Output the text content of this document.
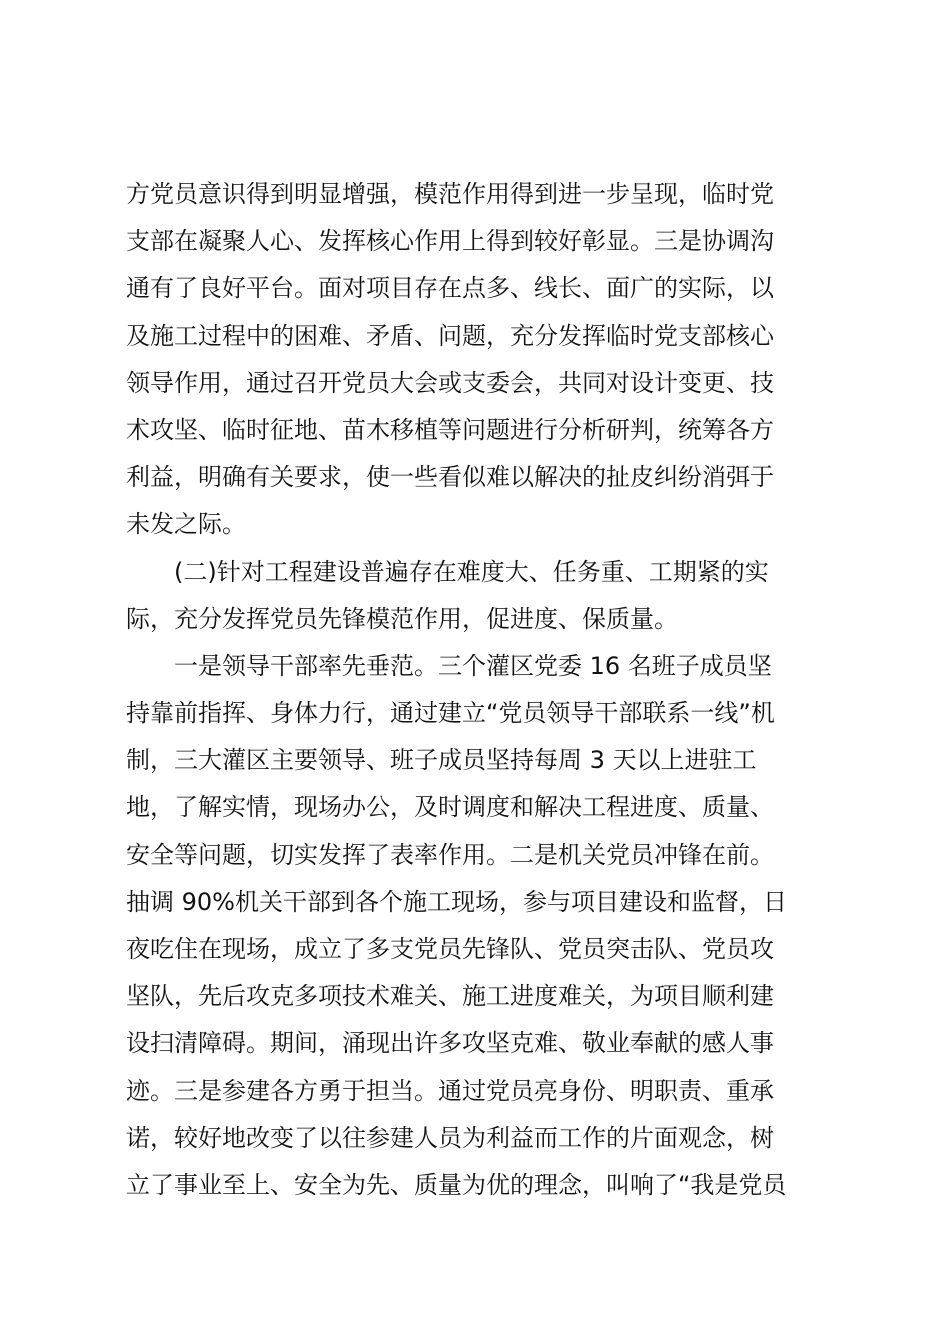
方党员意识得到明显增强，模范作用得到进一步呈现，临时党
支部在凝聚人心、发挥核心作用上得到较好彰显。三是协调沟
通有了良好平台。面对项目存在点多、线长、面广的实际，以
及施工过程中的困难、矛盾、问题，充分发挥临时党支部核心
领导作用，通过召开党员大会或支委会，共同对设计变更、技
术攻坚、临时征地、苗木移植等问题进行分析研判，统筹各方
利益，明确有关要求，使一些看似难以解决的扯皮纠纷消弭于
未发之际。
(二)针对工程建设普遍存在难度大、任务重、工期紧的实
际，充分发挥党员先锋模范作用，促进度、保质量。
一是领导干部率先垂范。三个灌区党委 16 名班子成员坚
持靠前指挥、身体力行，通过建立“党员领导干部联系一线”机
制，三大灌区主要领导、班子成员坚持每周 3 天以上进驻工
地，了解实情，现场办公，及时调度和解决工程进度、质量、
安全等问题，切实发挥了表率作用。二是机关党员冲锋在前。
抽调 90%机关干部到各个施工现场，参与项目建设和监督，日
夜吃住在现场，成立了多支党员先锋队、党员突击队、党员攻
坚队，先后攻克多项技术难关、施工进度难关，为项目顺利建
设扫清障碍。期间，涌现出许多攻坚克难、敬业奉献的感人事
迹。三是参建各方勇于担当。通过党员亮身份、明职责、重承
诺，较好地改变了以往参建人员为利益而工作的片面观念，树
立了事业至上、安全为先、质量为优的理念，叫响了“我是党员
